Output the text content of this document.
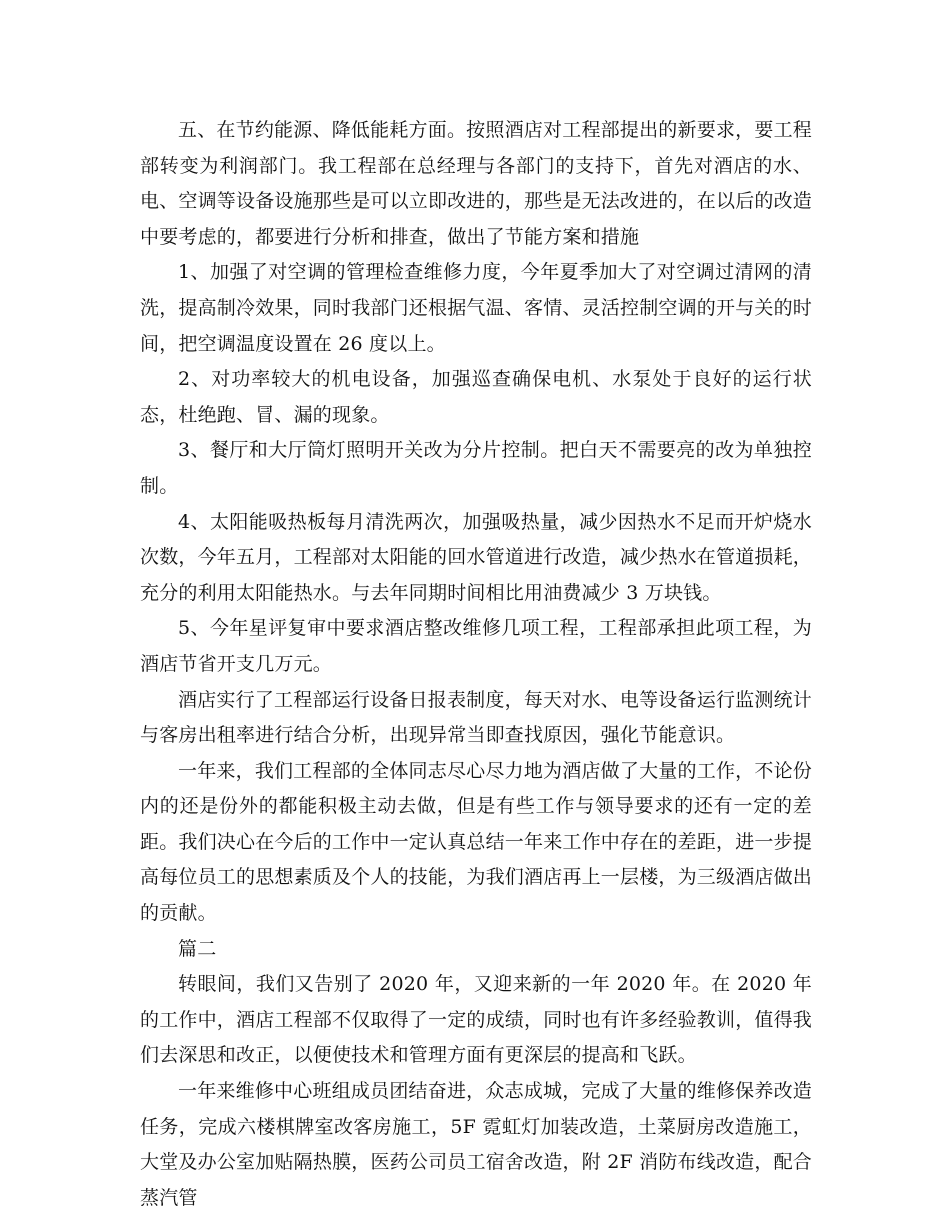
五、在节约能源、降低能耗方面。按照酒店对工程部提出的新要求，要工程部转变为利润部门。我工程部在总经理与各部门的支持下，首先对酒店的水、电、空调等设备设施那些是可以立即改进的，那些是无法改进的，在以后的改造中要考虑的，都要进行分析和排查，做出了节能方案和措施

1、加强了对空调的管理检查维修力度，今年夏季加大了对空调过清网的清洗，提高制冷效果，同时我部门还根据气温、客情、灵活控制空调的开与关的时间，把空调温度设置在 26 度以上。

2、对功率较大的机电设备，加强巡查确保电机、水泵处于良好的运行状态，杜绝跑、冒、漏的现象。

3、餐厅和大厅筒灯照明开关改为分片控制。把白天不需要亮的改为单独控制。

4、太阳能吸热板每月清洗两次，加强吸热量，减少因热水不足而开炉烧水次数，今年五月，工程部对太阳能的回水管道进行改造，减少热水在管道损耗，充分的利用太阳能热水。与去年同期时间相比用油费减少 3 万块钱。

5、今年星评复审中要求酒店整改维修几项工程，工程部承担此项工程，为酒店节省开支几万元。

酒店实行了工程部运行设备日报表制度，每天对水、电等设备运行监测统计与客房出租率进行结合分析，出现异常当即查找原因，强化节能意识。

一年来，我们工程部的全体同志尽心尽力地为酒店做了大量的工作，不论份内的还是份外的都能积极主动去做，但是有些工作与领导要求的还有一定的差距。我们决心在今后的工作中一定认真总结一年来工作中存在的差距，进一步提高每位员工的思想素质及个人的技能，为我们酒店再上一层楼，为三级酒店做出的贡献。

篇二

转眼间，我们又告别了 2020 年，又迎来新的一年 2020 年。在 2020 年的工作中，酒店工程部不仅取得了一定的成绩，同时也有许多经验教训，值得我们去深思和改正，以便使技术和管理方面有更深层的提高和飞跃。

一年来维修中心班组成员团结奋进，众志成城，完成了大量的维修保养改造任务，完成六楼棋牌室改客房施工，5F 霓虹灯加装改造，土菜厨房改造施工，大堂及办公室加贴隔热膜，医药公司员工宿舍改造，附 2F 消防布线改造，配合蒸汽管
